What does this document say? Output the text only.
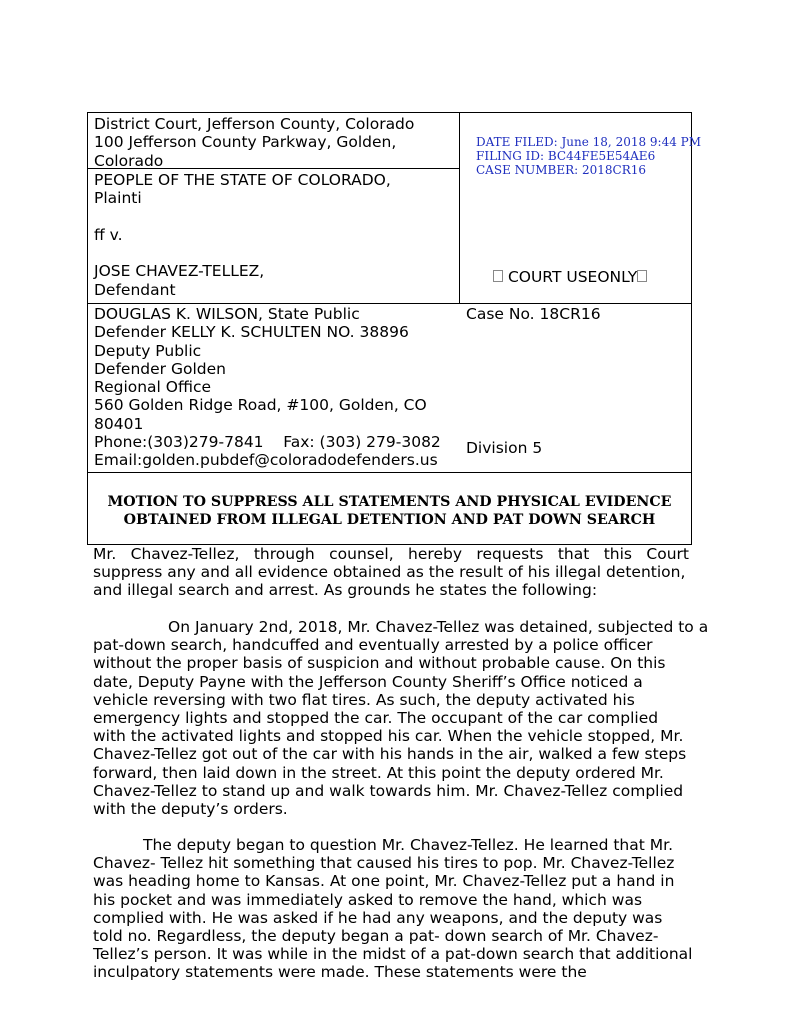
District Court, Jefferson County, Colorado
100 Jefferson County Parkway, Golden,
Colorado
PEOPLE OF THE STATE OF COLORADO,
Plainti
ff v.
JOSE CHAVEZ-TELLEZ,
Defendant
DATE FILED: June 18, 2018 9:44 PM
FILING ID: BC44FE5E54AE6
CASE NUMBER: 2018CR16
COURT USEONLY
DOUGLAS K. WILSON, State Public
Defender KELLY K. SCHULTEN NO. 38896
Deputy Public
Defender Golden
Regional Office
560 Golden Ridge Road, #100, Golden, CO
80401
Phone:(303)279-7841    Fax: (303) 279-3082
Email:golden.pubdef@coloradodefenders.us
Case No. 18CR16
Division 5
MOTION TO SUPPRESS ALL STATEMENTS AND PHYSICAL EVIDENCE
OBTAINED FROM ILLEGAL DETENTION AND PAT DOWN SEARCH
Mr. Chavez-Tellez, through counsel, hereby requests that this Court
suppress any and all evidence obtained as the result of his illegal detention,
and illegal search and arrest. As grounds he states the following:
On January 2nd, 2018, Mr. Chavez-Tellez was detained, subjected to a
pat-down search, handcuffed and eventually arrested by a police officer
without the proper basis of suspicion and without probable cause. On this
date, Deputy Payne with the Jefferson County Sheriff’s Office noticed a
vehicle reversing with two flat tires. As such, the deputy activated his
emergency lights and stopped the car. The occupant of the car complied
with the activated lights and stopped his car. When the vehicle stopped, Mr.
Chavez-Tellez got out of the car with his hands in the air, walked a few steps
forward, then laid down in the street. At this point the deputy ordered Mr.
Chavez-Tellez to stand up and walk towards him. Mr. Chavez-Tellez complied
with the deputy’s orders.
The deputy began to question Mr. Chavez-Tellez. He learned that Mr.
Chavez- Tellez hit something that caused his tires to pop. Mr. Chavez-Tellez
was heading home to Kansas. At one point, Mr. Chavez-Tellez put a hand in
his pocket and was immediately asked to remove the hand, which was
complied with. He was asked if he had any weapons, and the deputy was
told no. Regardless, the deputy began a pat- down search of Mr. Chavez-
Tellez’s person. It was while in the midst of a pat-down search that additional
inculpatory statements were made. These statements were the
